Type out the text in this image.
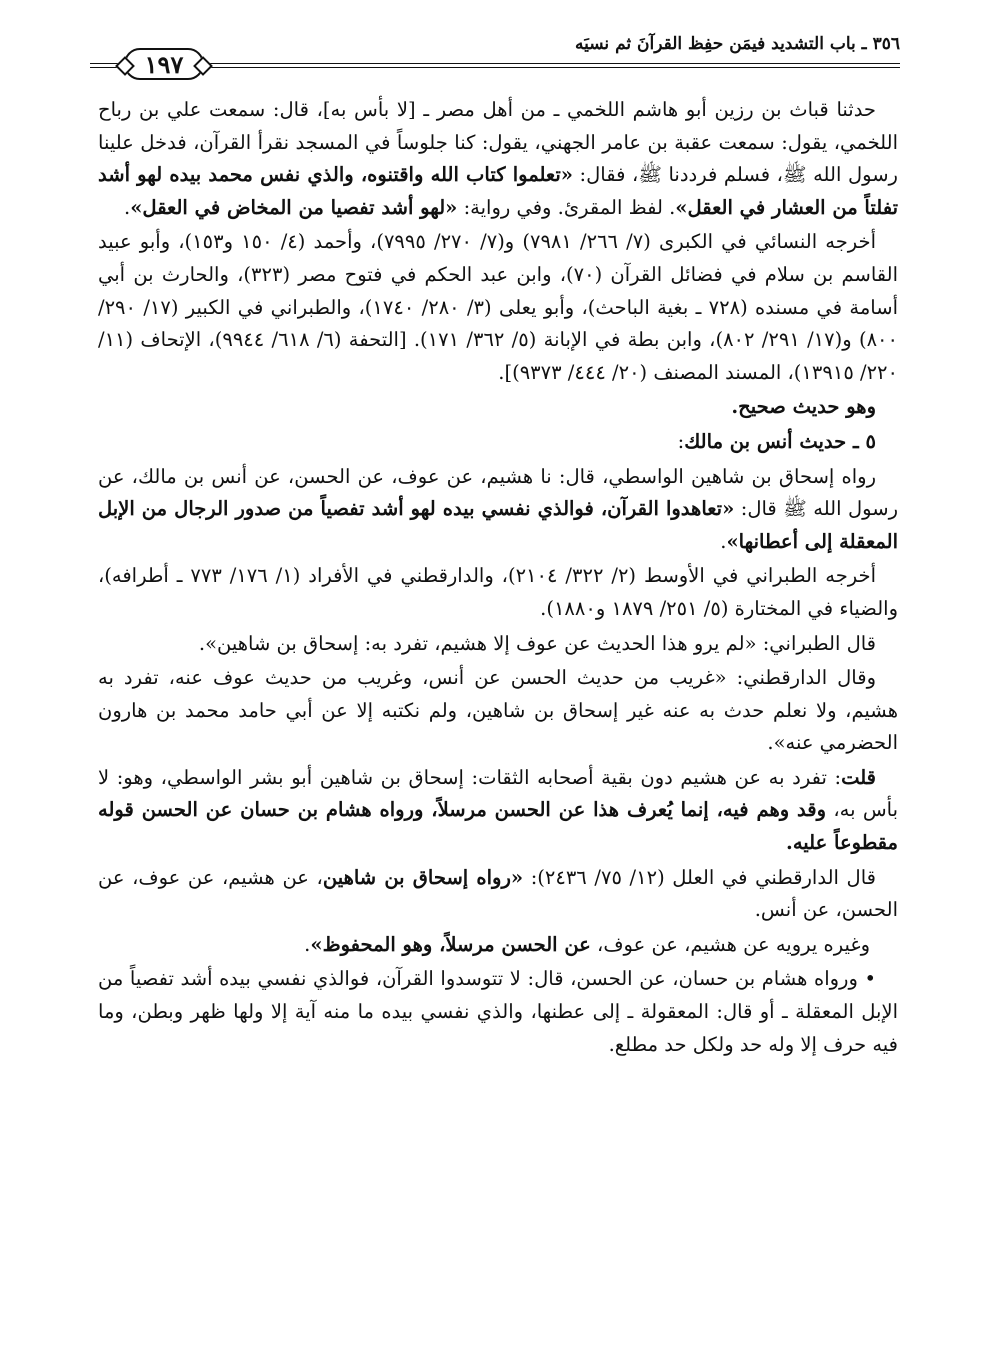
٣٥٦ ـ باب التشديد فيمَن حفِظ القرآنَ ثم نسيَه
١٩٧

حدثنا قباث بن رزين أبو هاشم اللخمي ـ من أهل مصر ـ [لا بأس به]، قال: سمعت علي بن رباح اللخمي، يقول: سمعت عقبة بن عامر الجهني، يقول: كنا جلوساً في المسجد نقرأ القرآن، فدخل علينا رسول الله ﷺ، فسلم فرددنا ﷺ، فقال: «تعلموا كتاب الله واقتنوه، والذي نفس محمد بيده لهو أشد تفلتاً من العشار في العقل». لفظ المقرئ. وفي رواية: «لهو أشد تفصيا من المخاض في العقل».

أخرجه النسائي في الكبرى (٧/ ٢٦٦/ ٧٩٨١) و(٧/ ٢٧٠/ ٧٩٩٥)، وأحمد (٤/ ١٥٠ و١٥٣)، وأبو عبيد القاسم بن سلام في فضائل القرآن (٧٠)، وابن عبد الحكم في فتوح مصر (٣٢٣)، والحارث بن أبي أسامة في مسنده (٧٢٨ ـ بغية الباحث)، وأبو يعلى (٣/ ٢٨٠/ ١٧٤٠)، والطبراني في الكبير (١٧/ ٢٩٠/ ٨٠٠) و(١٧/ ٢٩١/ ٨٠٢)، وابن بطة في الإبانة (٥/ ٣٦٢/ ١٧١). [التحفة (٦/ ٦١٨/ ٩٩٤٤)، الإتحاف (١١/ ٢٢٠/ ١٣٩١٥)، المسند المصنف (٢٠/ ٤٤٤/ ٩٣٧٣)].

وهو حديث صحيح.

٥ ـ حديث أنس بن مالك:

رواه إسحاق بن شاهين الواسطي، قال: نا هشيم، عن عوف، عن الحسن، عن أنس بن مالك، عن رسول الله ﷺ قال: «تعاهدوا القرآن، فوالذي نفسي بيده لهو أشد تفصياً من صدور الرجال من الإبل المعقلة إلى أعطانها».

أخرجه الطبراني في الأوسط (٢/ ٣٢٢/ ٢١٠٤)، والدارقطني في الأفراد (١/ ١٧٦/ ٧٧٣ ـ أطرافه)، والضياء في المختارة (٥/ ٢٥١/ ١٨٧٩ و١٨٨٠).

قال الطبراني: «لم يرو هذا الحديث عن عوف إلا هشيم، تفرد به: إسحاق بن شاهين».

وقال الدارقطني: «غريب من حديث الحسن عن أنس، وغريب من حديث عوف عنه، تفرد به هشيم، ولا نعلم حدث به عنه غير إسحاق بن شاهين، ولم نكتبه إلا عن أبي حامد محمد بن هارون الحضرمي عنه».

قلت: تفرد به عن هشيم دون بقية أصحابه الثقات: إسحاق بن شاهين أبو بشر الواسطي، وهو: لا بأس به، وقد وهم فيه، إنما يُعرف هذا عن الحسن مرسلاً، ورواه هشام بن حسان عن الحسن قوله مقطوعاً عليه.

قال الدارقطني في العلل (١٢/ ٧٥/ ٢٤٣٦): «رواه إسحاق بن شاهين، عن هشيم، عن عوف، عن الحسن، عن أنس.

وغيره يرويه عن هشيم، عن عوف، عن الحسن مرسلاً، وهو المحفوظ».

• ورواه هشام بن حسان، عن الحسن، قال: لا تتوسدوا القرآن، فوالذي نفسي بيده أشد تفصياً من الإبل المعقلة ـ أو قال: المعقولة ـ إلى عطنها، والذي نفسي بيده ما منه آية إلا ولها ظهر وبطن، وما فيه حرف إلا وله حد ولكل حد مطلع.
